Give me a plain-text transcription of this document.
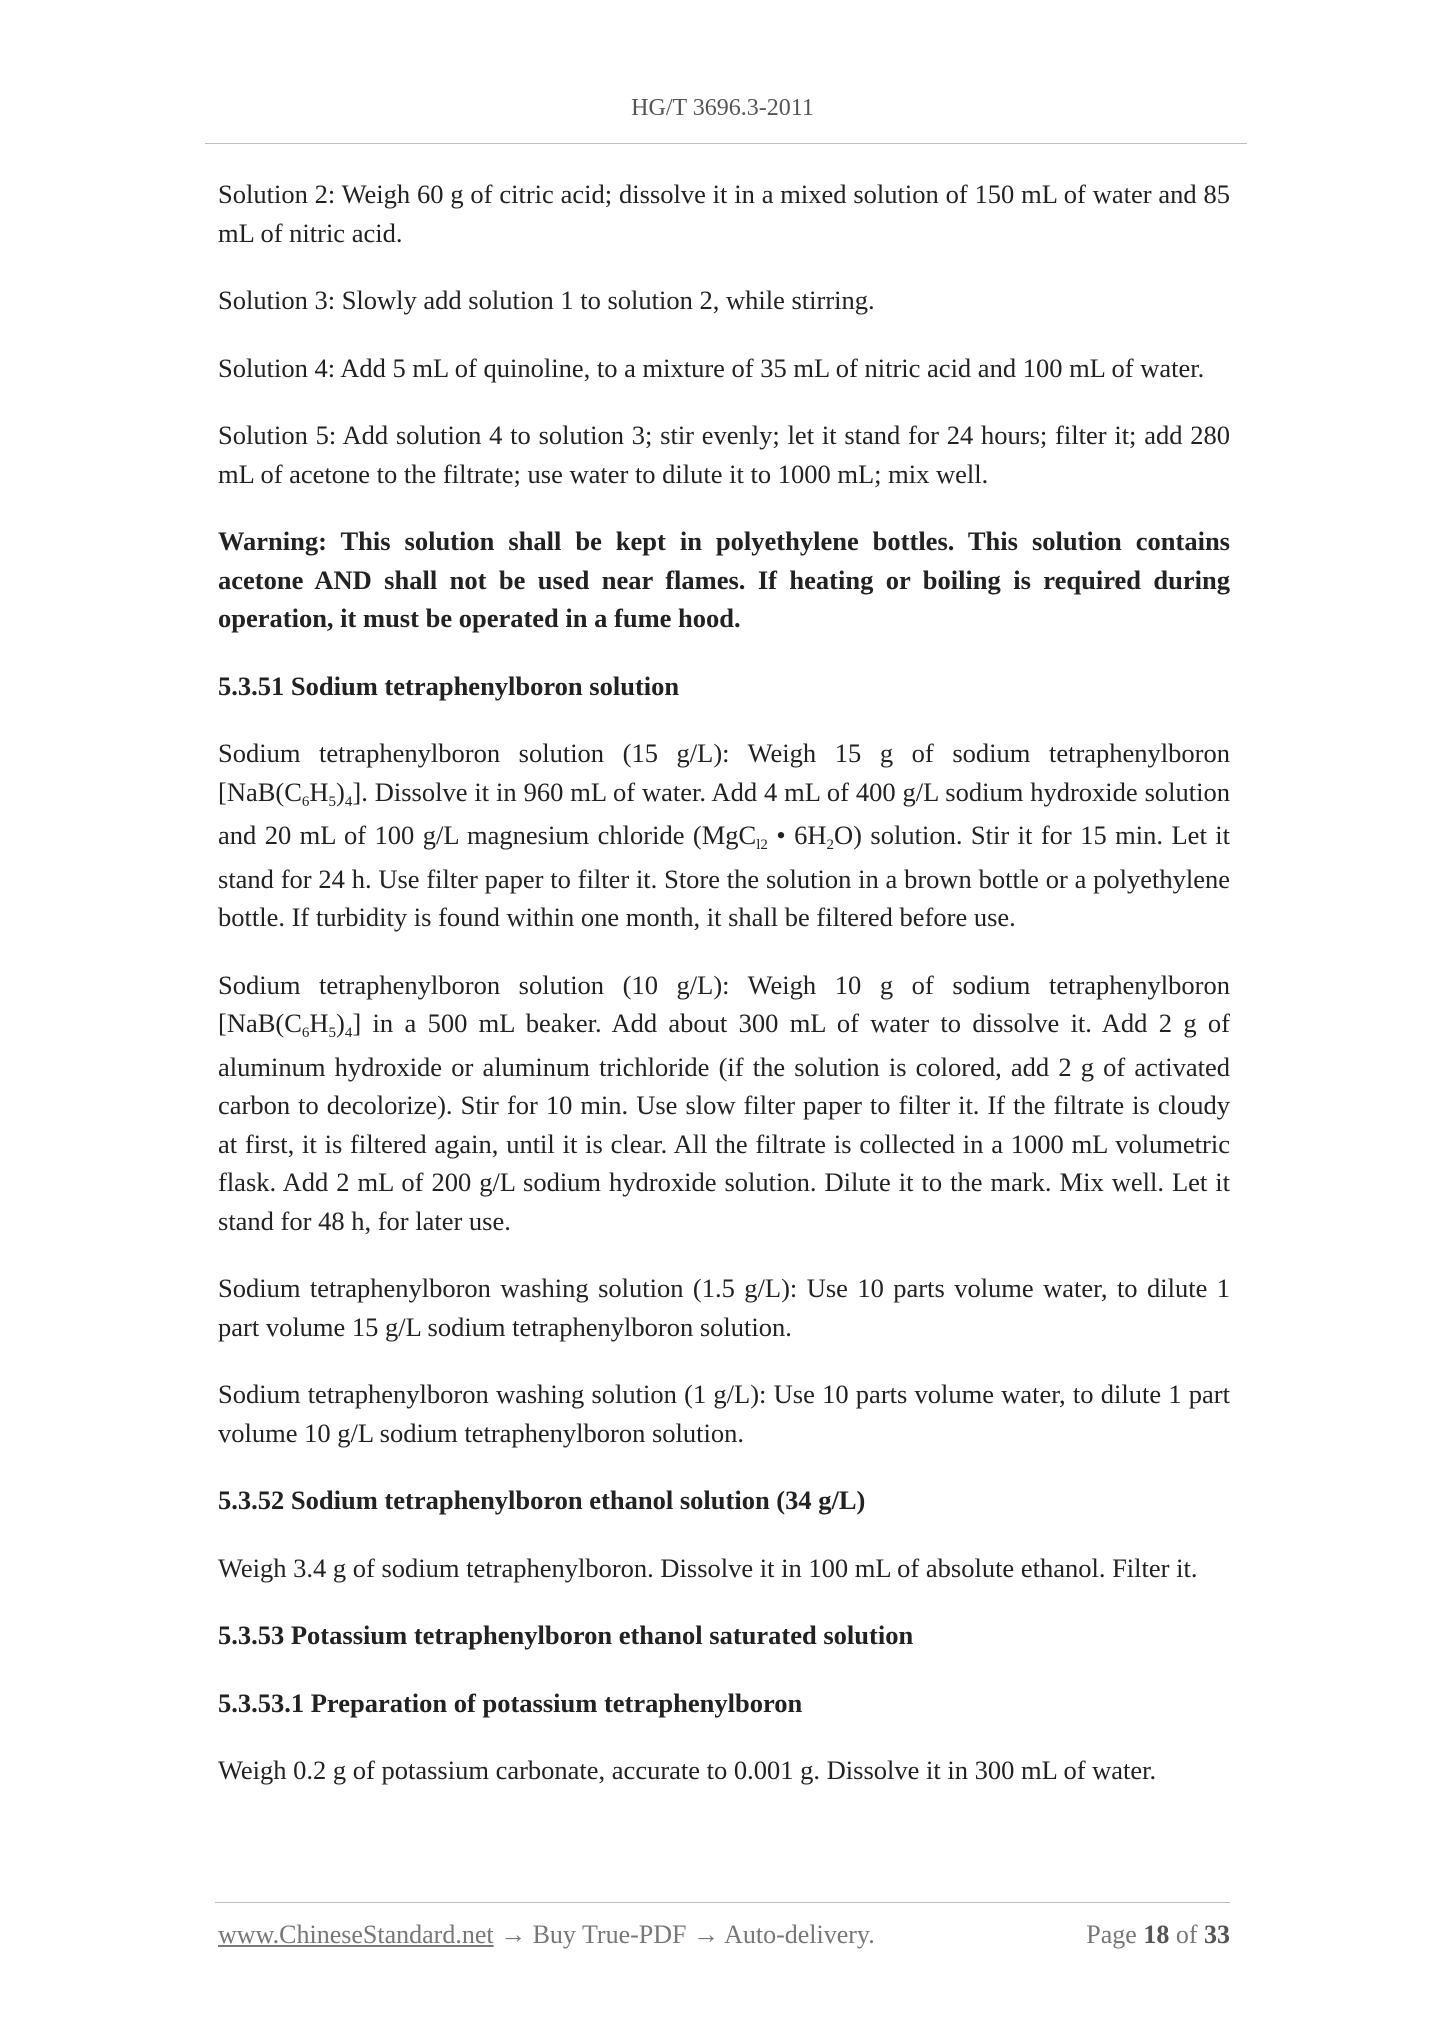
HG/T 3696.3-2011

Solution 2: Weigh 60 g of citric acid; dissolve it in a mixed solution of 150 mL of water and 85 mL of nitric acid.

Solution 3: Slowly add solution 1 to solution 2, while stirring.

Solution 4: Add 5 mL of quinoline, to a mixture of 35 mL of nitric acid and 100 mL of water.

Solution 5: Add solution 4 to solution 3; stir evenly; let it stand for 24 hours; filter it; add 280 mL of acetone to the filtrate; use water to dilute it to 1000 mL; mix well.

Warning: This solution shall be kept in polyethylene bottles. This solution contains acetone AND shall not be used near flames. If heating or boiling is required during operation, it must be operated in a fume hood.

5.3.51 Sodium tetraphenylboron solution

Sodium tetraphenylboron solution (15 g/L): Weigh 15 g of sodium tetraphenylboron $[NaB(C_6H_5)_4]$. Dissolve it in 960 mL of water. Add 4 mL of 400 g/L sodium hydroxide solution and 20 mL of 100 g/L magnesium chloride (MgC$_{l2}$ • $6H_2O$) solution. Stir it for 15 min. Let it stand for 24 h. Use filter paper to filter it. Store the solution in a brown bottle or a polyethylene bottle. If turbidity is found within one month, it shall be filtered before use.

Sodium tetraphenylboron solution (10 g/L): Weigh 10 g of sodium tetraphenylboron $[NaB(C_6H_5)_4]$ in a 500 mL beaker. Add about 300 mL of water to dissolve it. Add 2 g of aluminum hydroxide or aluminum trichloride (if the solution is colored, add 2 g of activated carbon to decolorize). Stir for 10 min. Use slow filter paper to filter it. If the filtrate is cloudy at first, it is filtered again, until it is clear. All the filtrate is collected in a 1000 mL volumetric flask. Add 2 mL of 200 g/L sodium hydroxide solution. Dilute it to the mark. Mix well. Let it stand for 48 h, for later use.

Sodium tetraphenylboron washing solution (1.5 g/L): Use 10 parts volume water, to dilute 1 part volume 15 g/L sodium tetraphenylboron solution.

Sodium tetraphenylboron washing solution (1 g/L): Use 10 parts volume water, to dilute 1 part volume 10 g/L sodium tetraphenylboron solution.

5.3.52 Sodium tetraphenylboron ethanol solution (34 g/L)

Weigh 3.4 g of sodium tetraphenylboron. Dissolve it in 100 mL of absolute ethanol. Filter it.

5.3.53 Potassium tetraphenylboron ethanol saturated solution
5.3.53.1 Preparation of potassium tetraphenylboron

Weigh 0.2 g of potassium carbonate, accurate to 0.001 g. Dissolve it in 300 mL of water.

www.ChineseStandard.net → Buy True-PDF → Auto-delivery.	Page 18 of 33
